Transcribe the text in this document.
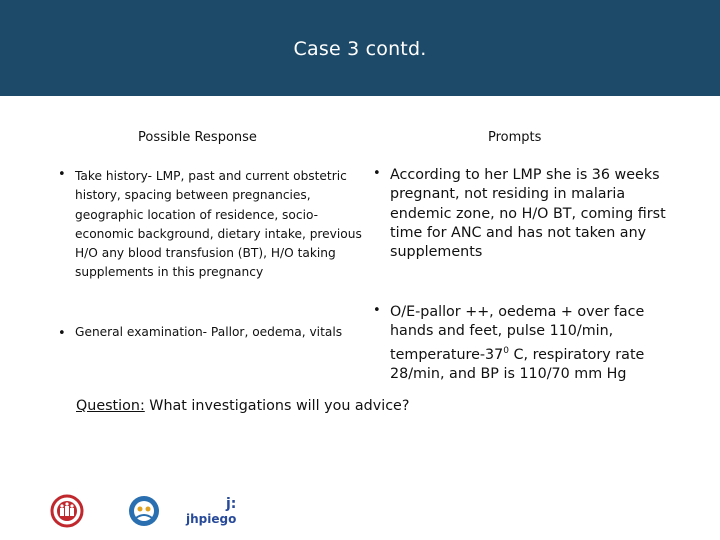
Case 3 contd.
Possible Response	Prompts
• Take history- LMP, past and current obstetric history, spacing between pregnancies, geographic location of residence, socio- economic background, dietary intake, previous H/O any blood transfusion (BT), H/O taking supplements in this pregnancy
• General examination- Pallor, oedema, vitals
• According to her LMP she is 36 weeks pregnant, not residing in malaria endemic zone, no H/O BT, coming first time for ANC and has not taken any supplements
• O/E-pallor ++, oedema + over face hands and feet, pulse 110/min, temperature-$37^0$ C, respiratory rate 28/min, and BP is 110/70 mm Hg
Question: What investigations will you advice?
j:
jhpiego
